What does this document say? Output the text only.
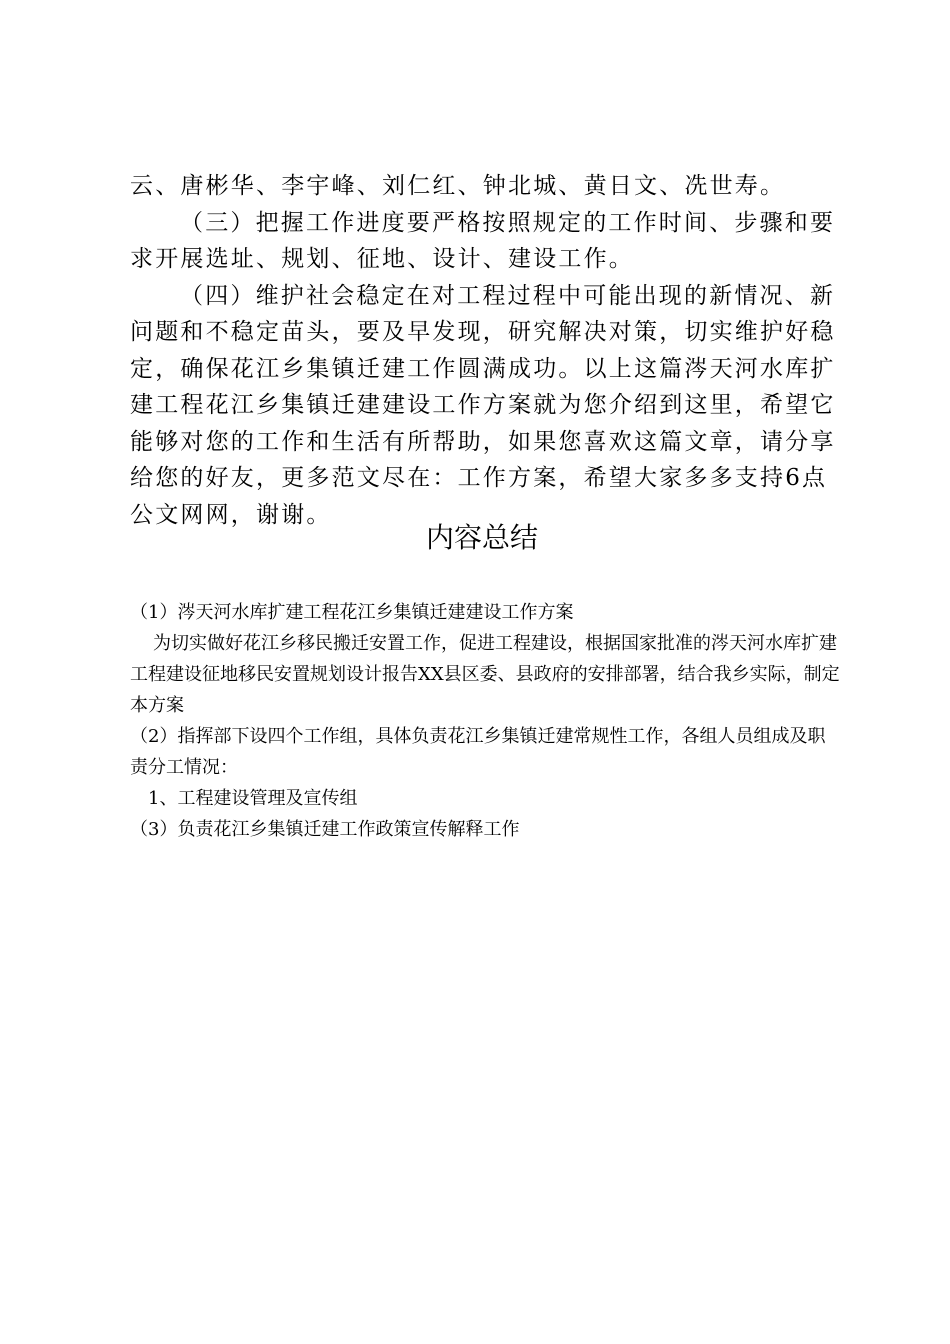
云、唐彬华、李宇峰、刘仁红、钟北城、黄日文、冼世寿。

（三）把握工作进度要严格按照规定的工作时间、步骤和要求开展选址、规划、征地、设计、建设工作。

（四）维护社会稳定在对工程过程中可能出现的新情况、新问题和不稳定苗头，要及早发现，研究解决对策，切实维护好稳定，确保花江乡集镇迁建工作圆满成功。以上这篇涔天河水库扩建工程花江乡集镇迁建建设工作方案就为您介绍到这里，希望它能够对您的工作和生活有所帮助，如果您喜欢这篇文章，请分享给您的好友，更多范文尽在：工作方案，希望大家多多支持6点公文网网，谢谢。

内容总结

（1）涔天河水库扩建工程花江乡集镇迁建建设工作方案

为切实做好花江乡移民搬迁安置工作，促进工程建设，根据国家批准的涔天河水库扩建工程建设征地移民安置规划设计报告XX县区委、县政府的安排部署，结合我乡实际，制定本方案

（2）指挥部下设四个工作组，具体负责花江乡集镇迁建常规性工作，各组人员组成及职责分工情况：

1、工程建设管理及宣传组

（3）负责花江乡集镇迁建工作政策宣传解释工作
